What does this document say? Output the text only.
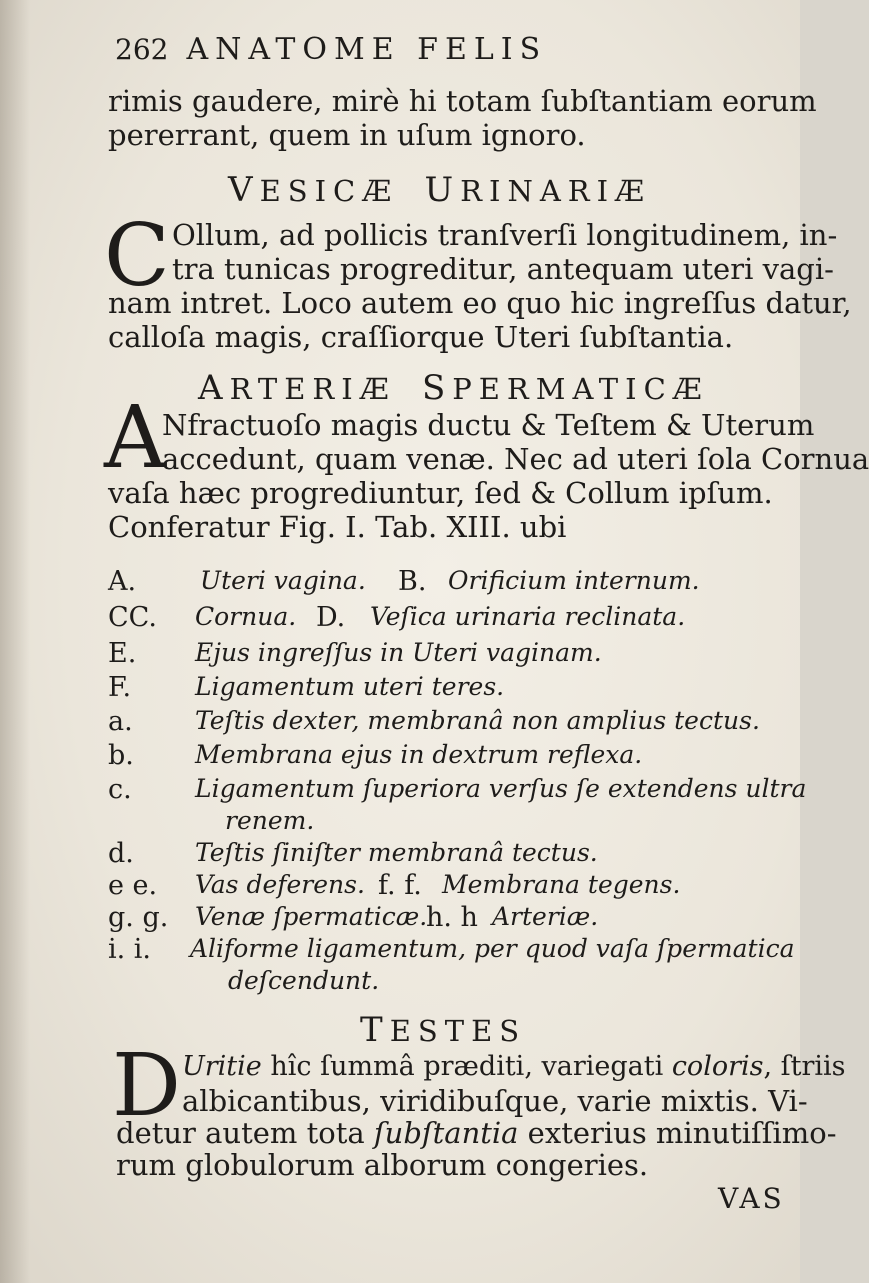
262 ANATOME FELIS
rimis gaudere, mirè hi totam ſubſtantiam eorum
pererrant, quem in uſum ignoro.
VESICÆ URINARIÆ
C Ollum, ad pollicis tranſverſi longitudinem, in-
tra tunicas progreditur, antequam uteri vagi-
nam intret. Loco autem eo quo hic ingreſſus datur,
calloſa magis, craſſiorque Uteri ſubſtantia.
ARTERIÆ SPERMATICÆ
A
Nfractuoſo magis ductu & Teſtem & Uterum
accedunt, quam venæ. Nec ad uteri ſola Cornua
vaſa hæc progrediuntur, ſed & Collum ipſum.
Conferatur Fig. I. Tab. XIII. ubi
A.	Uteri vagina. B. Orificium internum.
CC. Cornua. D. Veſica urinaria reclinata.
E. Ejus ingreſſus in Uteri vaginam.
F.	Ligamentum uteri teres.
a. Teſtis dexter, membranâ non amplius tectus.
b. Membrana ejus in dextrum reflexa.
c.	Ligamentum ſuperiora verſus ſe extendens ultra
renem.
d. Teſtis ſiniſter membranâ tectus.
e e. Vas deferens. f. f. Membrana tegens.
g. g. Venæ ſpermaticæ.
h. h Arteriæ.
i. i. Aliforme ligamentum, per quod vaſa ſpermatica
deſcendunt.
TESTES
D Uritie hîc ſummâ præditi, variegati coloris, ſtriis
albicantibus, viridibuſque, varie mixtis. Vi-
detur autem tota ſubſtantia exterius minutiſſimo-
rum globulorum alborum congeries.
VAS
